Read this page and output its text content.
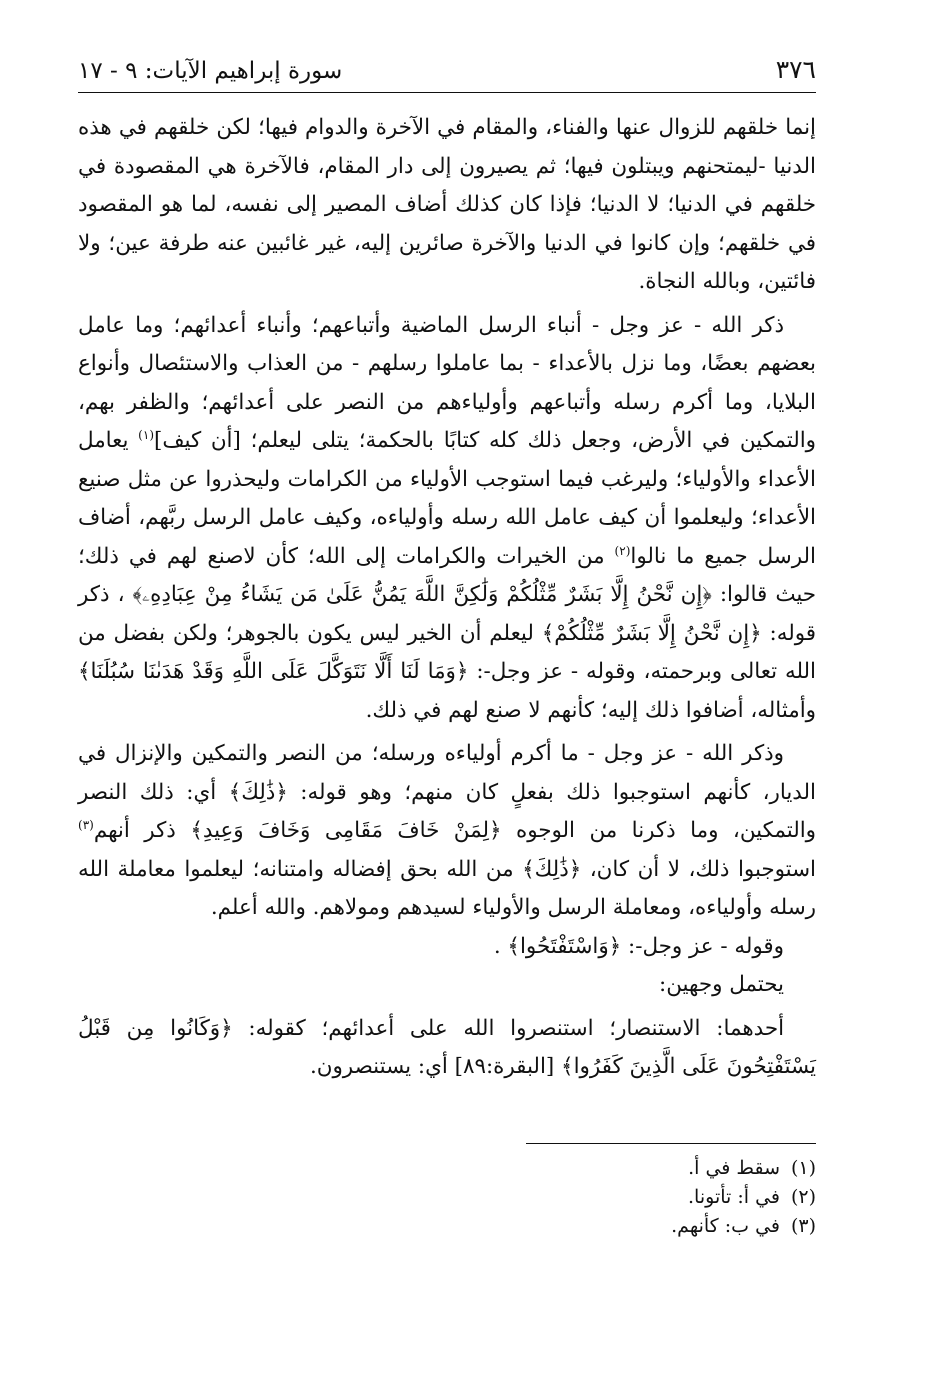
٣٧٦
سورة إبراهيم الآيات: ٩ - ١٧

إنما خلقهم للزوال عنها والفناء، والمقام في الآخرة والدوام فيها؛ لكن خلقهم في هذه الدنيا -ليمتحنهم ويبتلون فيها؛ ثم يصيرون إلى دار المقام، فالآخرة هي المقصودة في خلقهم في الدنيا؛ لا الدنيا؛ فإذا كان كذلك أضاف المصير إلى نفسه، لما هو المقصود في خلقهم؛ وإن كانوا في الدنيا والآخرة صائرين إليه، غير غائبين عنه طرفة عين؛ ولا فائتين، وبالله النجاة.

ذكر الله - عز وجل - أنباء الرسل الماضية وأتباعهم؛ وأنباء أعدائهم؛ وما عامل بعضهم بعضًا، وما نزل بالأعداء - بما عاملوا رسلهم - من العذاب والاستئصال وأنواع البلايا، وما أكرم رسله وأتباعهم وأولياءهم من النصر على أعدائهم؛ والظفر بهم، والتمكين في الأرض، وجعل ذلك كله كتابًا بالحكمة؛ يتلى ليعلم؛ [أن كيف]$^{(١)}$ يعامل الأعداء والأولياء؛ وليرغب فيما استوجب الأولياء من الكرامات وليحذروا عن مثل صنيع الأعداء؛ وليعلموا أن كيف عامل الله رسله وأولياءه، وكيف عامل الرسل ربَّهم، أضاف الرسل جميع ما نالوا$^{(٢)}$ من الخيرات والكرامات إلى الله؛ كأن لاصنع لهم في ذلك؛ حيث قالوا: ﴿إِن نَّحْنُ إِلَّا بَشَرٌ مِّثْلُكُمْ وَلَٰكِنَّ اللَّهَ يَمُنُّ عَلَىٰ مَن يَشَاءُ مِنْ عِبَادِهِۦ﴾ ، ذكر قوله: ﴿إِن نَّحْنُ إِلَّا بَشَرٌ مِّثْلُكُمْ﴾ ليعلم أن الخير ليس يكون بالجوهر؛ ولكن بفضل من الله تعالى وبرحمته، وقوله - عز وجل-: ﴿وَمَا لَنَا أَلَّا نَتَوَكَّلَ عَلَى اللَّهِ وَقَدْ هَدَىٰنَا سُبُلَنَا﴾ وأمثاله، أضافوا ذلك إليه؛ كأنهم لا صنع لهم في ذلك.

وذكر الله - عز وجل - ما أكرم أولياءه ورسله؛ من النصر والتمكين والإنزال في الديار، كأنهم استوجبوا ذلك بفعلٍ كان منهم؛ وهو قوله: ﴿ذَٰلِكَ﴾ أي: ذلك النصر والتمكين، وما ذكرنا من الوجوه ﴿لِمَنْ خَافَ مَقَامِى وَخَافَ وَعِيدِ﴾ ذكر أنهم$^{(٣)}$ استوجبوا ذلك، لا أن كان، ﴿ذَٰلِكَ﴾ من الله بحق إفضاله وامتنانه؛ ليعلموا معاملة الله رسله وأولياءه، ومعاملة الرسل والأولياء لسيدهم ومولاهم. والله أعلم.

وقوله - عز وجل-: ﴿وَاسْتَفْتَحُوا﴾ .

يحتمل وجهين:

أحدهما: الاستنصار؛ استنصروا الله على أعدائهم؛ كقوله: ﴿وَكَانُوا مِن قَبْلُ يَسْتَفْتِحُونَ عَلَى الَّذِينَ كَفَرُوا﴾ [البقرة:٨٩] أي: يستنصرون.

(١)سقط في أ.
(٢)في أ: تأتونا.
(٣)في ب: كأنهم.
